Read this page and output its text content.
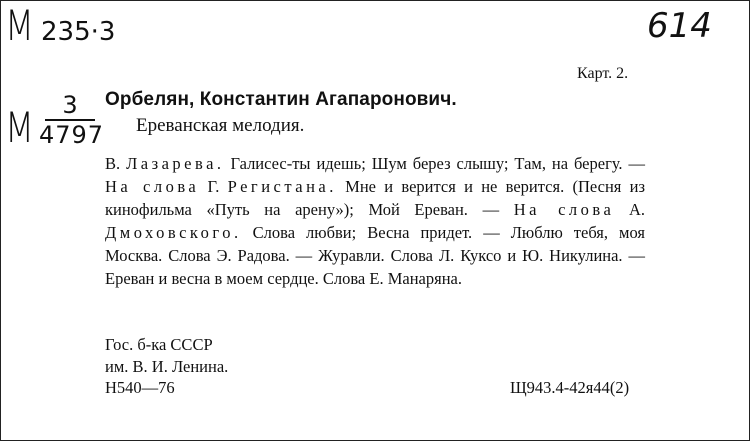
M 235·3	614
M	3
4797
Карт. 2.
Орбелян, Константин Агапаронович.
Ереванская мелодия.

В. Лазарева. Галисес-ты идешь; Шум берез слышу; Там, на берегу. — На слова Г. Регистана. Мне и верится и не верится. (Песня из кинофильма «Путь на арену»); Мой Ереван. — На слова А. Дмоховского. Слова любви; Весна придет. — Люблю тебя, моя Москва. Слова Э. Радова. — Журавли. Слова Л. Куксо и Ю. Никулина. — Ереван и весна в моем сердце. Слова Е. Манаряна.

Гос. б-ка СССР
им. В. И. Ленина.
Н540—76	Щ943.4-42я44(2)
